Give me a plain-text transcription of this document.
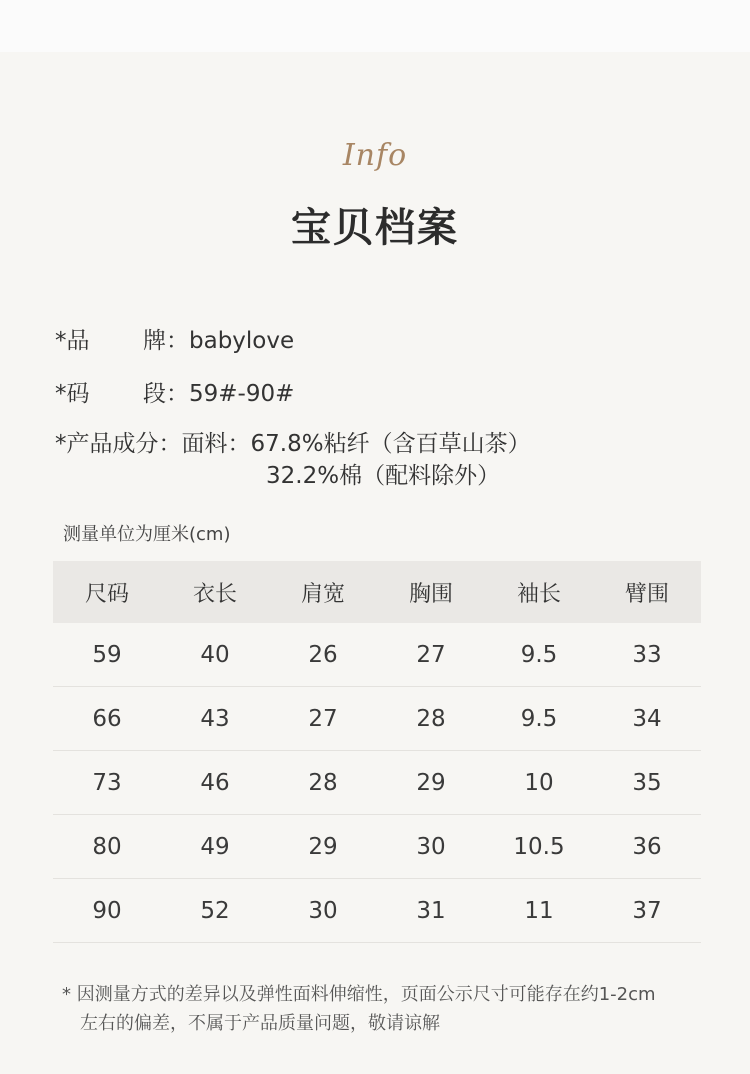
Info
宝贝档案
*品 牌：babylove
*码 段：59#-90#
*产品成分：面料：67.8%粘纤（含百草山茶）
32.2%棉（配料除外）
测量单位为厘米(cm)
尺码	衣长	肩宽	胸围	袖长	臂围
59	40	26	27	9.5	33
66	43	27	28	9.5	34
73	46	28	29	10	35
80	49	29	30	10.5	36
90	52	30	31	11	37
* 因测量方式的差异以及弹性面料伸缩性，页面公示尺寸可能存在约1-2cm
左右的偏差，不属于产品质量问题，敬请谅解
